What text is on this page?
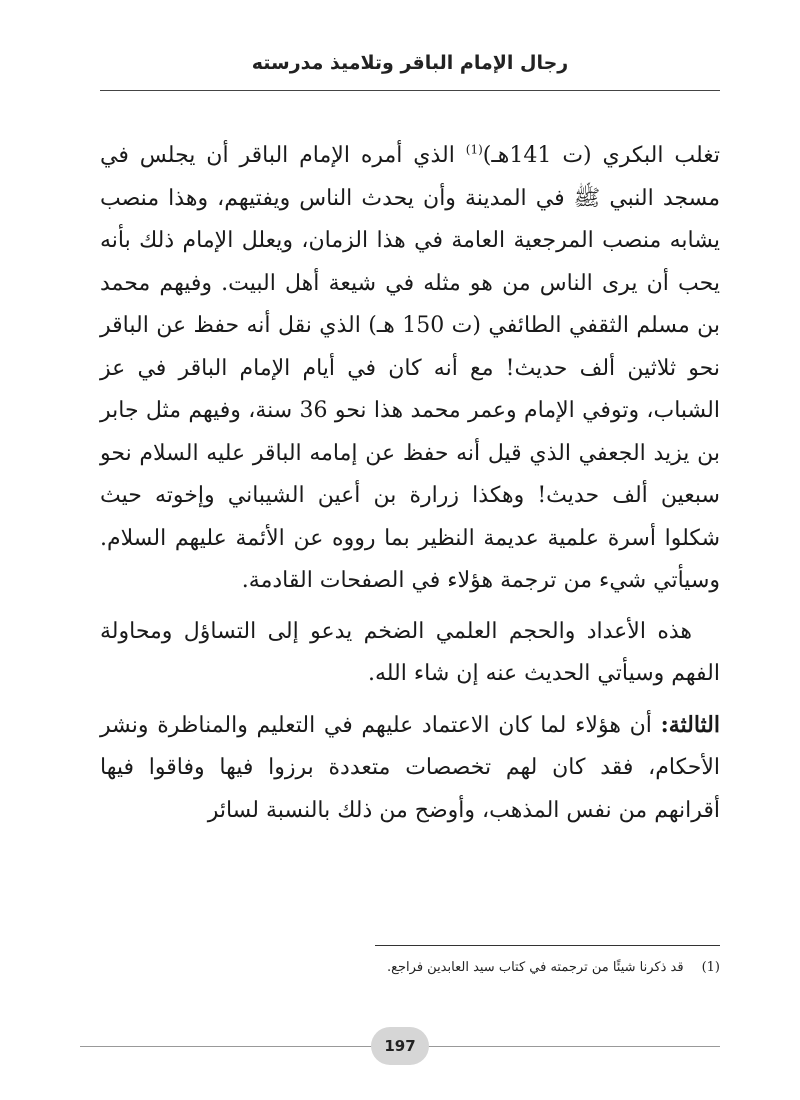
رجال الإمام الباقر وتلاميذ مدرسته

تغلب البكري (ت 141هـ)$^{(1)}$ الذي أمره الإمام الباقر أن يجلس في مسجد النبي ﷺ في المدينة وأن يحدث الناس ويفتيهم، وهذا منصب يشابه منصب المرجعية العامة في هذا الزمان، ويعلل الإمام ذلك بأنه يحب أن يرى الناس من هو مثله في شيعة أهل البيت. وفيهم محمد بن مسلم الثقفي الطائفي (ت 150 هـ) الذي نقل أنه حفظ عن الباقر نحو ثلاثين ألف حديث! مع أنه كان في أيام الإمام الباقر في عز الشباب، وتوفي الإمام وعمر محمد هذا نحو 36 سنة، وفيهم مثل جابر بن يزيد الجعفي الذي قيل أنه حفظ عن إمامه الباقر عليه السلام نحو سبعين ألف حديث! وهكذا زرارة بن أعين الشيباني وإخوته حيث شكلوا أسرة علمية عديمة النظير بما رووه عن الأئمة عليهم السلام. وسيأتي شيء من ترجمة هؤلاء في الصفحات القادمة.

هذه الأعداد والحجم العلمي الضخم يدعو إلى التساؤل ومحاولة الفهم وسيأتي الحديث عنه إن شاء الله.

الثالثة: أن هؤلاء لما كان الاعتماد عليهم في التعليم والمناظرة ونشر الأحكام، فقد كان لهم تخصصات متعددة برزوا فيها وفاقوا فيها أقرانهم من نفس المذهب، وأوضح من ذلك بالنسبة لسائر

(1)قد ذكرنا شيئًا من ترجمته في كتاب سيد العابدين فراجع.
197
